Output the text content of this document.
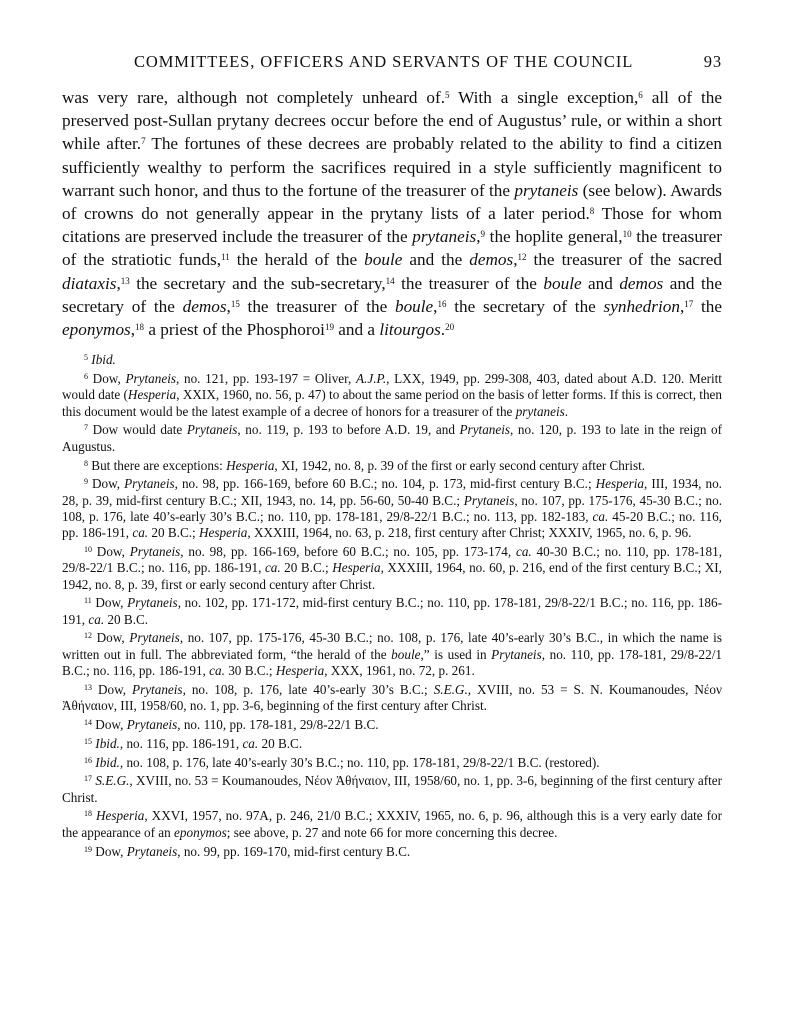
COMMITTEES, OFFICERS AND SERVANTS OF THE COUNCIL	93

was very rare, although not completely unheard of.$^5$ With a single exception,$^6$ all of the preserved post-Sullan prytany decrees occur before the end of Augustus’ rule, or within a short while after.$^7$ The fortunes of these decrees are probably related to the ability to find a citizen sufficiently wealthy to perform the sacrifices required in a style sufficiently magnificent to warrant such honor, and thus to the fortune of the treasurer of the prytaneis (see below). Awards of crowns do not generally appear in the prytany lists of a later period.$^8$ Those for whom citations are preserved include the treasurer of the prytaneis,$^9$ the hoplite general,$^{10}$ the treasurer of the stratiotic funds,$^{11}$ the herald of the boule and the demos,$^{12}$ the treasurer of the sacred diataxis,$^{13}$ the secretary and the sub-secretary,$^{14}$ the treasurer of the boule and demos and the secretary of the demos,$^{15}$ the treasurer of the boule,$^{16}$ the secretary of the synhedrion,$^{17}$ the eponymos,$^{18}$ a priest of the Phosphoroi$^{19}$ and a litourgos.$^{20}$

$^5$ Ibid.

$^6$ Dow, Prytaneis, no. 121, pp. 193-197 = Oliver, A.J.P., LXX, 1949, pp. 299-308, 403, dated about A.D. 120. Meritt would date (Hesperia, XXIX, 1960, no. 56, p. 47) to about the same period on the basis of letter forms. If this is correct, then this document would be the latest example of a decree of honors for a treasurer of the prytaneis.

$^7$ Dow would date Prytaneis, no. 119, p. 193 to before A.D. 19, and Prytaneis, no. 120, p. 193 to late in the reign of Augustus.

$^8$ But there are exceptions: Hesperia, XI, 1942, no. 8, p. 39 of the first or early second century after Christ.

$^9$ Dow, Prytaneis, no. 98, pp. 166-169, before 60 B.C.; no. 104, p. 173, mid-first century B.C.; Hesperia, III, 1934, no. 28, p. 39, mid-first century B.C.; XII, 1943, no. 14, pp. 56-60, 50-40 B.C.; Prytaneis, no. 107, pp. 175-176, 45-30 B.C.; no. 108, p. 176, late 40’s-early 30’s B.C.; no. 110, pp. 178-181, 29/8-22/1 B.C.; no. 113, pp. 182-183, ca. 45-20 B.C.; no. 116, pp. 186-191, ca. 20 B.C.; Hesperia, XXXIII, 1964, no. 63, p. 218, first century after Christ; XXXIV, 1965, no. 6, p. 96.

$^{10}$ Dow, Prytaneis, no. 98, pp. 166-169, before 60 B.C.; no. 105, pp. 173-174, ca. 40-30 B.C.; no. 110, pp. 178-181, 29/8-22/1 B.C.; no. 116, pp. 186-191, ca. 20 B.C.; Hesperia, XXXIII, 1964, no. 60, p. 216, end of the first century B.C.; XI, 1942, no. 8, p. 39, first or early second century after Christ.

$^{11}$ Dow, Prytaneis, no. 102, pp. 171-172, mid-first century B.C.; no. 110, pp. 178-181, 29/8-22/1 B.C.; no. 116, pp. 186-191, ca. 20 B.C.

$^{12}$ Dow, Prytaneis, no. 107, pp. 175-176, 45-30 B.C.; no. 108, p. 176, late 40’s-early 30’s B.C., in which the name is written out in full. The abbreviated form, “the herald of the boule,” is used in Prytaneis, no. 110, pp. 178-181, 29/8-22/1 B.C.; no. 116, pp. 186-191, ca. 30 B.C.; Hesperia, XXX, 1961, no. 72, p. 261.

$^{13}$ Dow, Prytaneis, no. 108, p. 176, late 40’s-early 30’s B.C.; S.E.G., XVIII, no. 53 = S. N. Koumanoudes, Νέον Ἀθήναιον, III, 1958/60, no. 1, pp. 3-6, beginning of the first century after Christ.

$^{14}$ Dow, Prytaneis, no. 110, pp. 178-181, 29/8-22/1 B.C.

$^{15}$ Ibid., no. 116, pp. 186-191, ca. 20 B.C.

$^{16}$ Ibid., no. 108, p. 176, late 40’s-early 30’s B.C.; no. 110, pp. 178-181, 29/8-22/1 B.C. (restored).

$^{17}$ S.E.G., XVIII, no. 53 = Koumanoudes, Νέον Ἀθήναιον, III, 1958/60, no. 1, pp. 3-6, beginning of the first century after Christ.

$^{18}$ Hesperia, XXVI, 1957, no. 97A, p. 246, 21/0 B.C.; XXXIV, 1965, no. 6, p. 96, although this is a very early date for the appearance of an eponymos; see above, p. 27 and note 66 for more concerning this decree.

$^{19}$ Dow, Prytaneis, no. 99, pp. 169-170, mid-first century B.C.
